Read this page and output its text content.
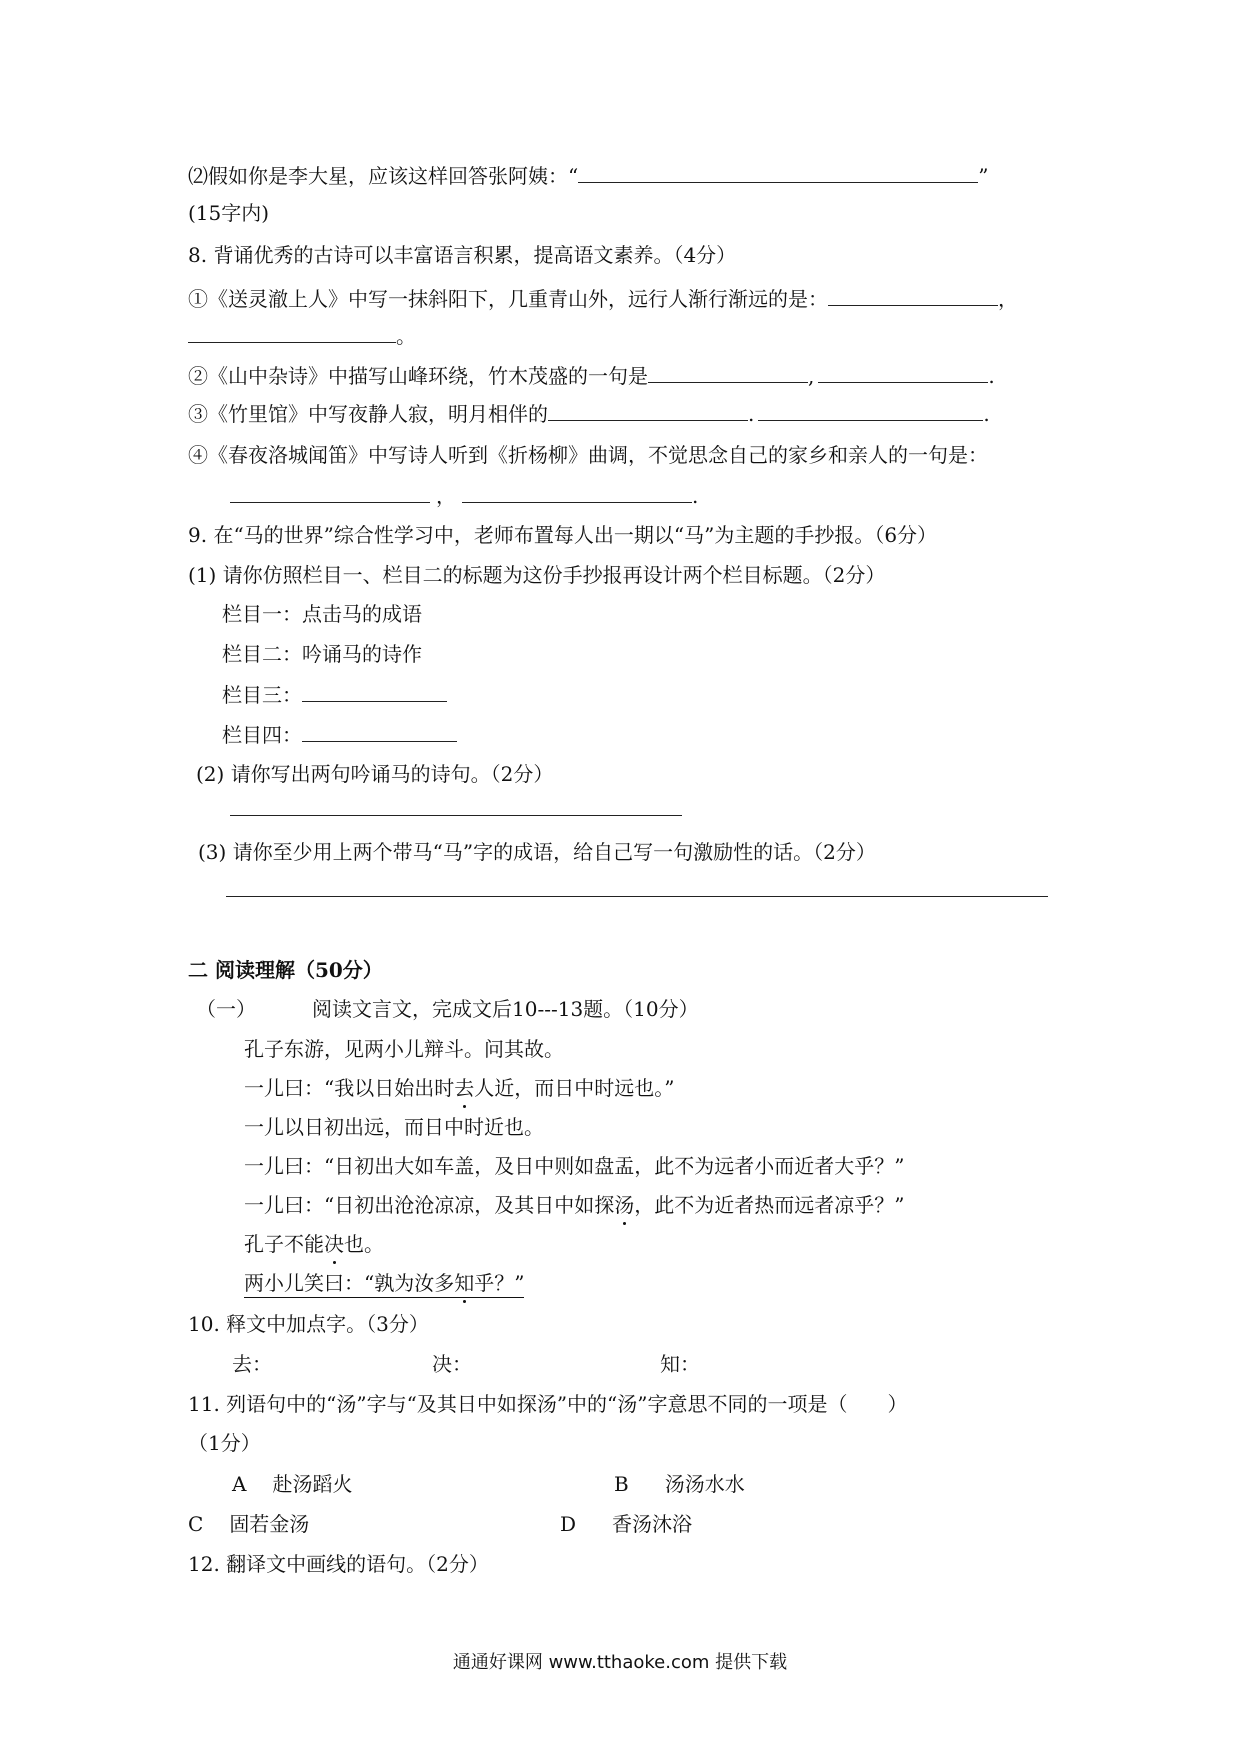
⑵假如你是李大星，应该这样回答张阿姨：“	”
(15字内)
8. 背诵优秀的古诗可以丰富语言积累，提高语文素养。（4分）
①《送灵澈上人》中写一抹斜阳下，几重青山外，远行人渐行渐远的是：	，
。
②《山中杂诗》中描写山峰环绕，竹木茂盛的一句是	,	.
③《竹里馆》中写夜静人寂，明月相伴的	.	.
④《春夜洛城闻笛》中写诗人听到《折杨柳》曲调，不觉思念自己的家乡和亲人的一句是：
，	.
9. 在“马的世界”综合性学习中，老师布置每人出一期以“马”为主题的手抄报。（6分）
(1) 请你仿照栏目一、栏目二的标题为这份手抄报再设计两个栏目标题。（2分）
栏目一：点击马的成语
栏目二：吟诵马的诗作
栏目三：
栏目四：
(2) 请你写出两句吟诵马的诗句。（2分）
(3) 请你至少用上两个带马“马”字的成语，给自己写一句激励性的话。（2分）
二 阅读理解（50分）
（一）	阅读文言文，完成文后10---13题。（10分）
孔子东游，见两小儿辩斗。问其故。
一儿曰：“我以日始出时去人近，而日中时远也。”
一儿以日初出远，而日中时近也。
一儿曰：“日初出大如车盖，及日中则如盘盂，此不为远者小而近者大乎？”
一儿曰：“日初出沧沧凉凉，及其日中如探汤，此不为近者热而远者凉乎？”
孔子不能决也。
两小儿笑曰：“孰为汝多知乎？”
10. 释文中加点字。（3分）
去：	决：	知：
11. 列语句中的“汤”字与“及其日中如探汤”中的“汤”字意思不同的一项是（　　）
（1分）
A 赴汤蹈火	B 汤汤水水
C 固若金汤	D 香汤沐浴
12. 翻译文中画线的语句。（2分）
通通好课网 www.tthaoke.com 提供下载
